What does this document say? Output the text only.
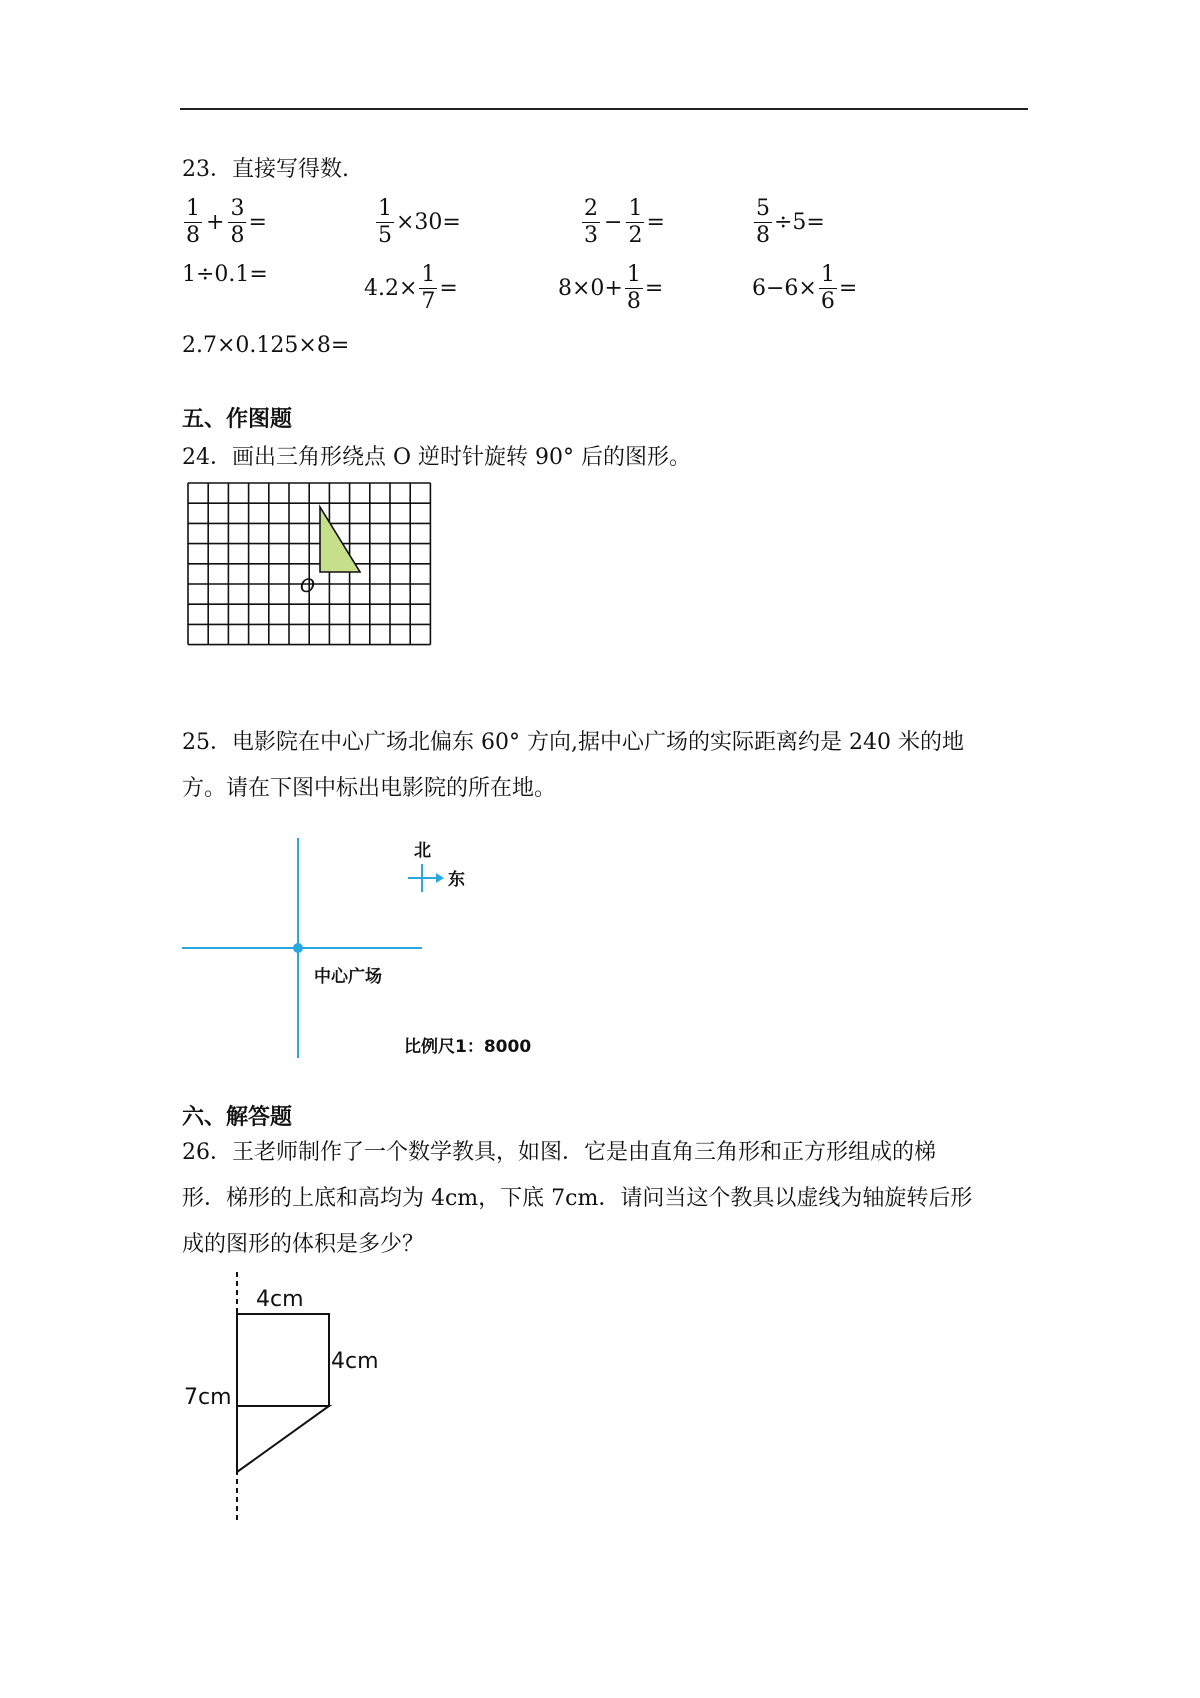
23．直接写得数.
$\frac{1}{8} + \frac{3}{8}$ =	$\frac{1}{5} \times 30=$	$\frac{2}{3} - \frac{1}{2}$ =	$\frac{5}{8} \div 5=$
1÷0.1=
$4.2\times \frac{1}{7}$ =	$8\times 0+ \frac{1}{8}$ =	$6-6\times \frac{1}{6}$ =
2.7×0.125×8=
五、作图题
24．画出三角形绕点 O 逆时针旋转 90° 后的图形。
O
25．电影院在中心广场北偏东 60° 方向,据中心广场的实际距离约是 240 米的地
方。请在下图中标出电影院的所在地。
北
东
中心广场
比例尺1：8000
六、解答题
26．王老师制作了一个数学教具，如图．它是由直角三角形和正方形组成的梯
形．梯形的上底和高均为 4cm，下底 7cm．请问当这个教具以虚线为轴旋转后形
成的图形的体积是多少？
4cm
4cm
7cm
